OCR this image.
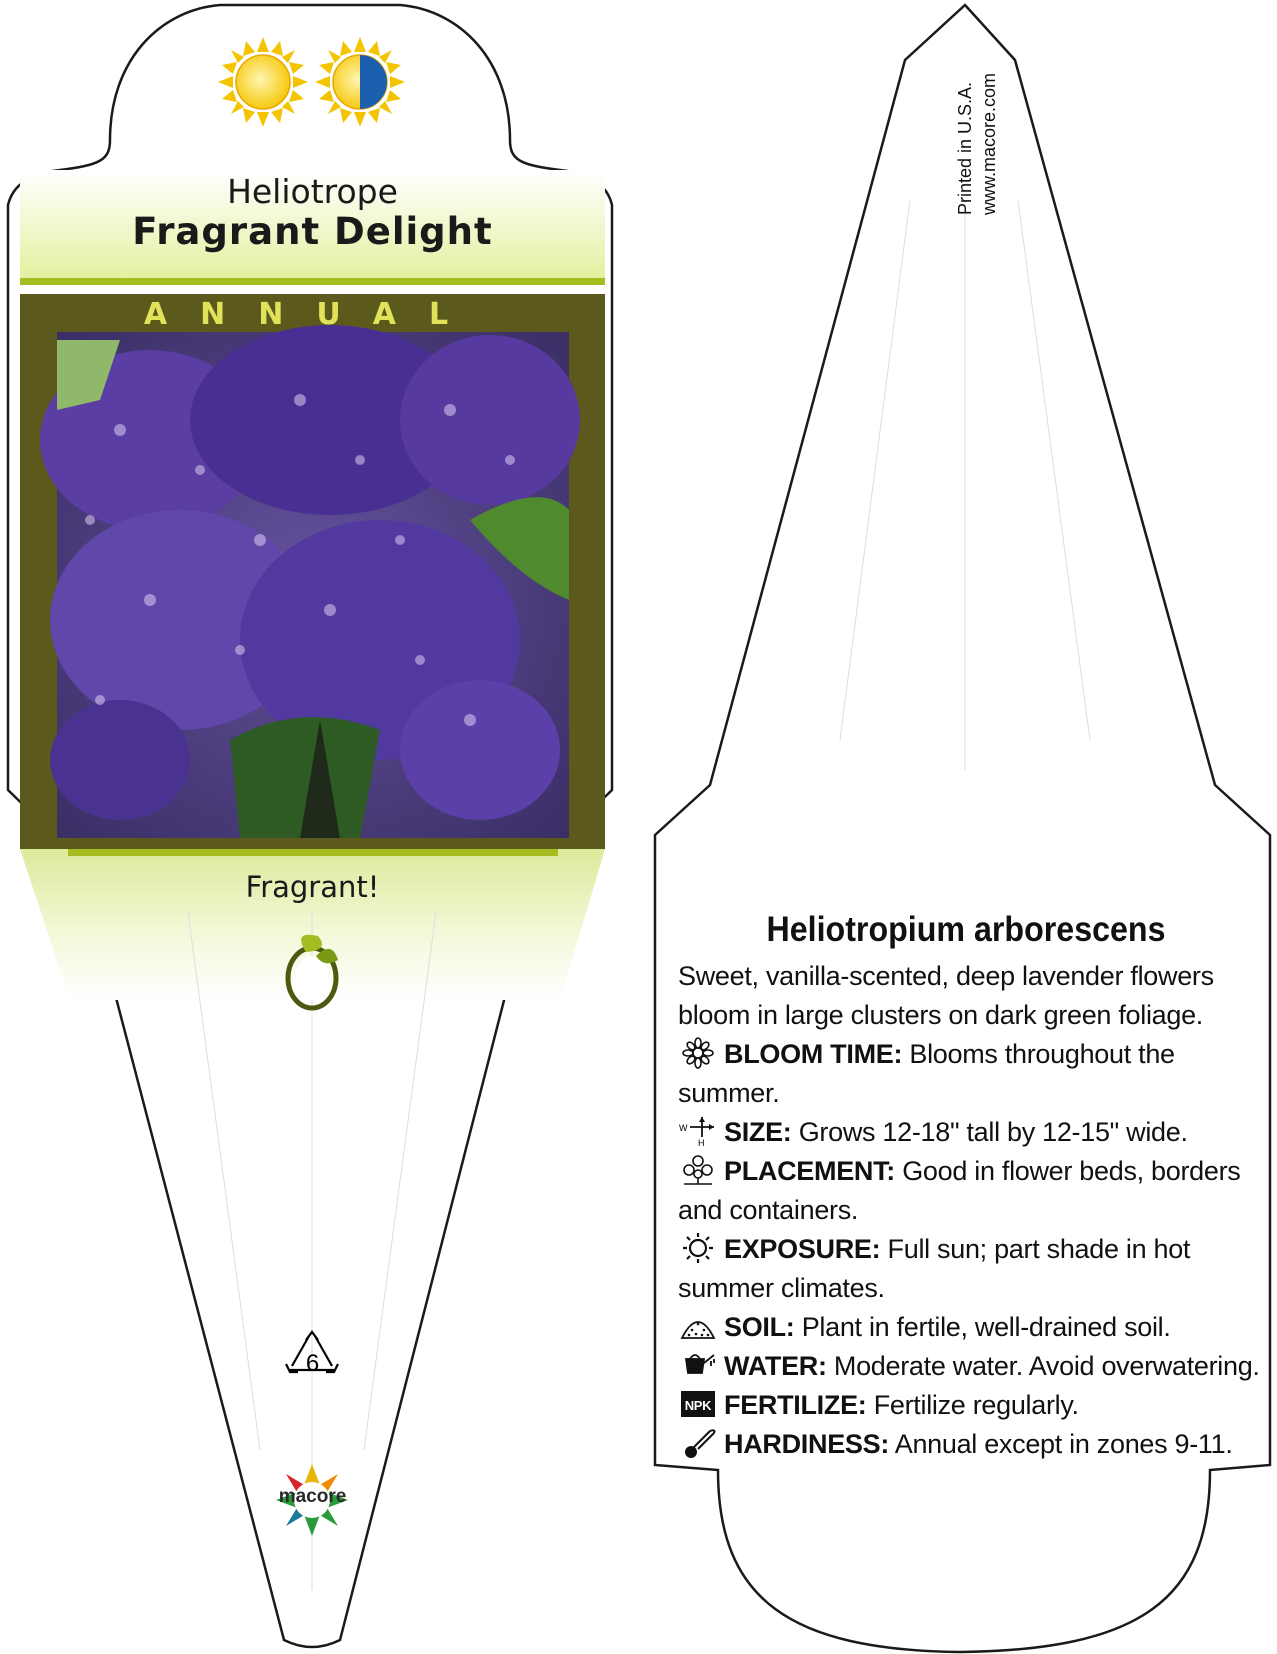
Heliotrope
Fragrant Delight
ANNUAL
Fragrant!
6
macore
Printed in U.S.A. www.macore.com
Heliotropium arborescens

Sweet, vanilla-scented, deep lavender flowers bloom in large clusters on dark green foliage.

BLOOM TIME: Blooms throughout the summer.

W
H SIZE: Grows 12-18" tall by 12-15" wide.

PLACEMENT: Good in flower beds, borders and containers.

EXPOSURE: Full sun; part shade in hot summer climates.

SOIL: Plant in fertile, well-drained soil.

WATER: Moderate water. Avoid overwatering.

NPK FERTILIZE: Fertilize regularly.

HARDINESS: Annual except in zones 9-11.
